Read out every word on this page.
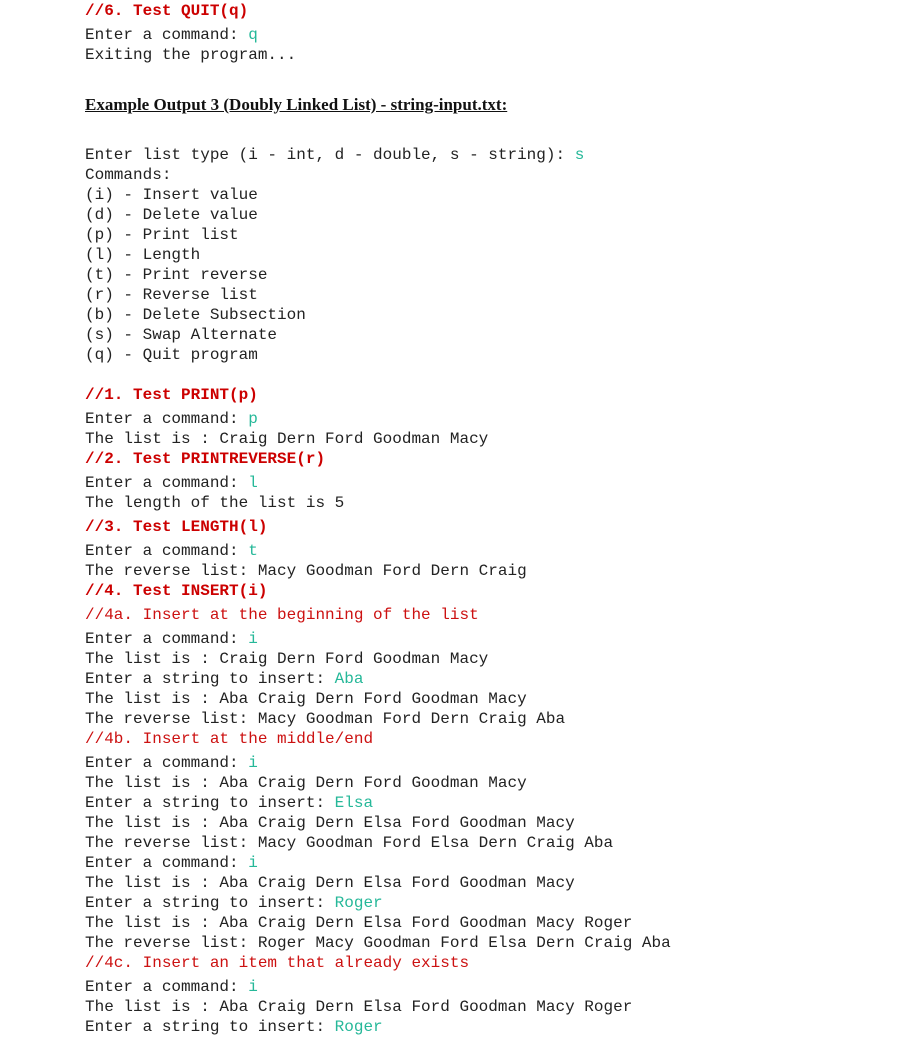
//6. Test QUIT(q)

Enter a command: q

Exiting the program...

Example Output 3 (Doubly Linked List) - string-input.txt:

Enter list type (i - int, d - double, s - string): s

Commands:

(i) - Insert value

(d) - Delete value

(p) - Print list

(l) - Length

(t) - Print reverse

(r) - Reverse list

(b) - Delete Subsection

(s) - Swap Alternate

(q) - Quit program

//1. Test PRINT(p)

Enter a command: p

The list is : Craig Dern Ford Goodman Macy

//2. Test PRINTREVERSE(r)

Enter a command: l

The length of the list is 5

//3. Test LENGTH(l)

Enter a command: t

The reverse list: Macy Goodman Ford Dern Craig

//4. Test INSERT(i)

//4a. Insert at the beginning of the list

Enter a command: i

The list is : Craig Dern Ford Goodman Macy

Enter a string to insert: Aba

The list is : Aba Craig Dern Ford Goodman Macy

The reverse list: Macy Goodman Ford Dern Craig Aba

//4b. Insert at the middle/end

Enter a command: i

The list is : Aba Craig Dern Ford Goodman Macy

Enter a string to insert: Elsa

The list is : Aba Craig Dern Elsa Ford Goodman Macy

The reverse list: Macy Goodman Ford Elsa Dern Craig Aba

Enter a command: i

The list is : Aba Craig Dern Elsa Ford Goodman Macy

Enter a string to insert: Roger

The list is : Aba Craig Dern Elsa Ford Goodman Macy Roger

The reverse list: Roger Macy Goodman Ford Elsa Dern Craig Aba

//4c. Insert an item that already exists

Enter a command: i

The list is : Aba Craig Dern Elsa Ford Goodman Macy Roger

Enter a string to insert: Roger
